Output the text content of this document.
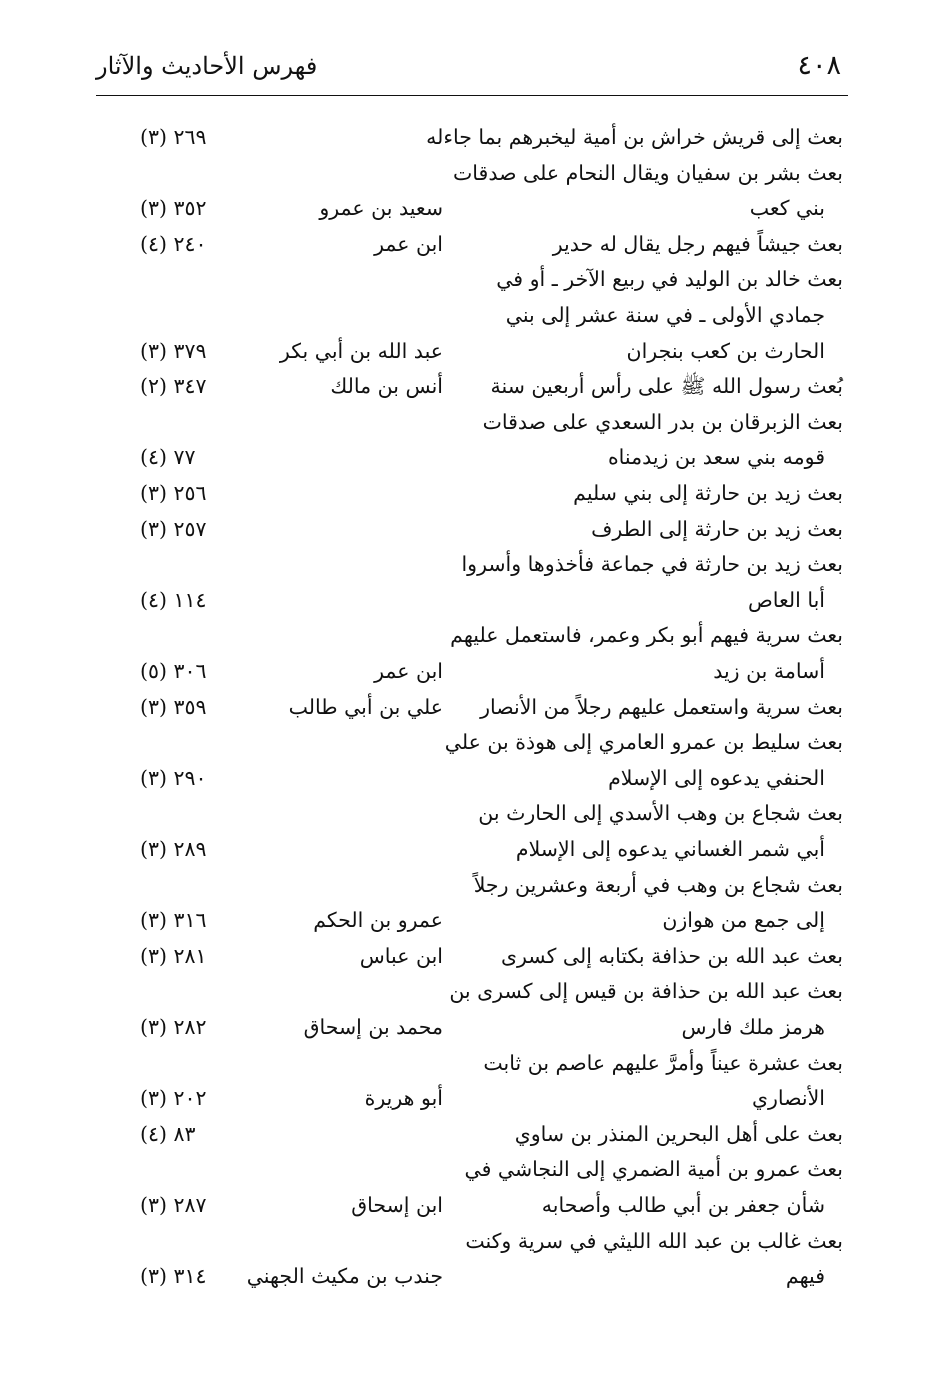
٤٠٨
فهرس الأحاديث والآثار
بعث إلى قريش خراش بن أمية ليخبرهم بما جاءله
٢٦٩ (٣)
بعث بشر بن سفيان ويقال النحام على صدقات
بني كعب
سعيد بن عمرو
٣٥٢ (٣)
بعث جيشاً فيهم رجل يقال له حدير
ابن عمر
٢٤٠ (٤)
بعث خالد بن الوليد في ربيع الآخر ـ أو في
جمادي الأولى ـ في سنة عشر إلى بني
الحارث بن كعب بنجران
عبد الله بن أبي بكر
٣٧٩ (٣)
بُعث رسول الله ﷺ على رأس أربعين سنة
أنس بن مالك
٣٤٧ (٢)
بعث الزبرقان بن بدر السعدي على صدقات
قومه بني سعد بن زيدمناه
٧٧ (٤)
بعث زيد بن حارثة إلى بني سليم
٢٥٦ (٣)
بعث زيد بن حارثة إلى الطرف
٢٥٧ (٣)
بعث زيد بن حارثة في جماعة فأخذوها وأسروا
أبا العاص
١١٤ (٤)
بعث سرية فيهم أبو بكر وعمر، فاستعمل عليهم
أسامة بن زيد
ابن عمر
٣٠٦ (٥)
بعث سرية واستعمل عليهم رجلاً من الأنصار
علي بن أبي طالب
٣٥٩ (٣)
بعث سليط بن عمرو العامري إلى هوذة بن علي
الحنفي يدعوه إلى الإسلام
٢٩٠ (٣)
بعث شجاع بن وهب الأسدي إلى الحارث بن
أبي شمر الغساني يدعوه إلى الإسلام
٢٨٩ (٣)
بعث شجاع بن وهب في أربعة وعشرين رجلاً
إلى جمع من هوازن
عمرو بن الحكم
٣١٦ (٣)
بعث عبد الله بن حذافة بكتابه إلى كسرى
ابن عباس
٢٨١ (٣)
بعث عبد الله بن حذافة بن قيس إلى كسرى بن
هرمز ملك فارس
محمد بن إسحاق
٢٨٢ (٣)
بعث عشرة عيناً وأمرَّ عليهم عاصم بن ثابت
الأنصاري
أبو هريرة
٢٠٢ (٣)
بعث على أهل البحرين المنذر بن ساوي
٨٣ (٤)
بعث عمرو بن أمية الضمري إلى النجاشي في
شأن جعفر بن أبي طالب وأصحابه
ابن إسحاق
٢٨٧ (٣)
بعث غالب بن عبد الله الليثي في سرية وكنت
فيهم
جندب بن مكيث الجهني
٣١٤ (٣)
